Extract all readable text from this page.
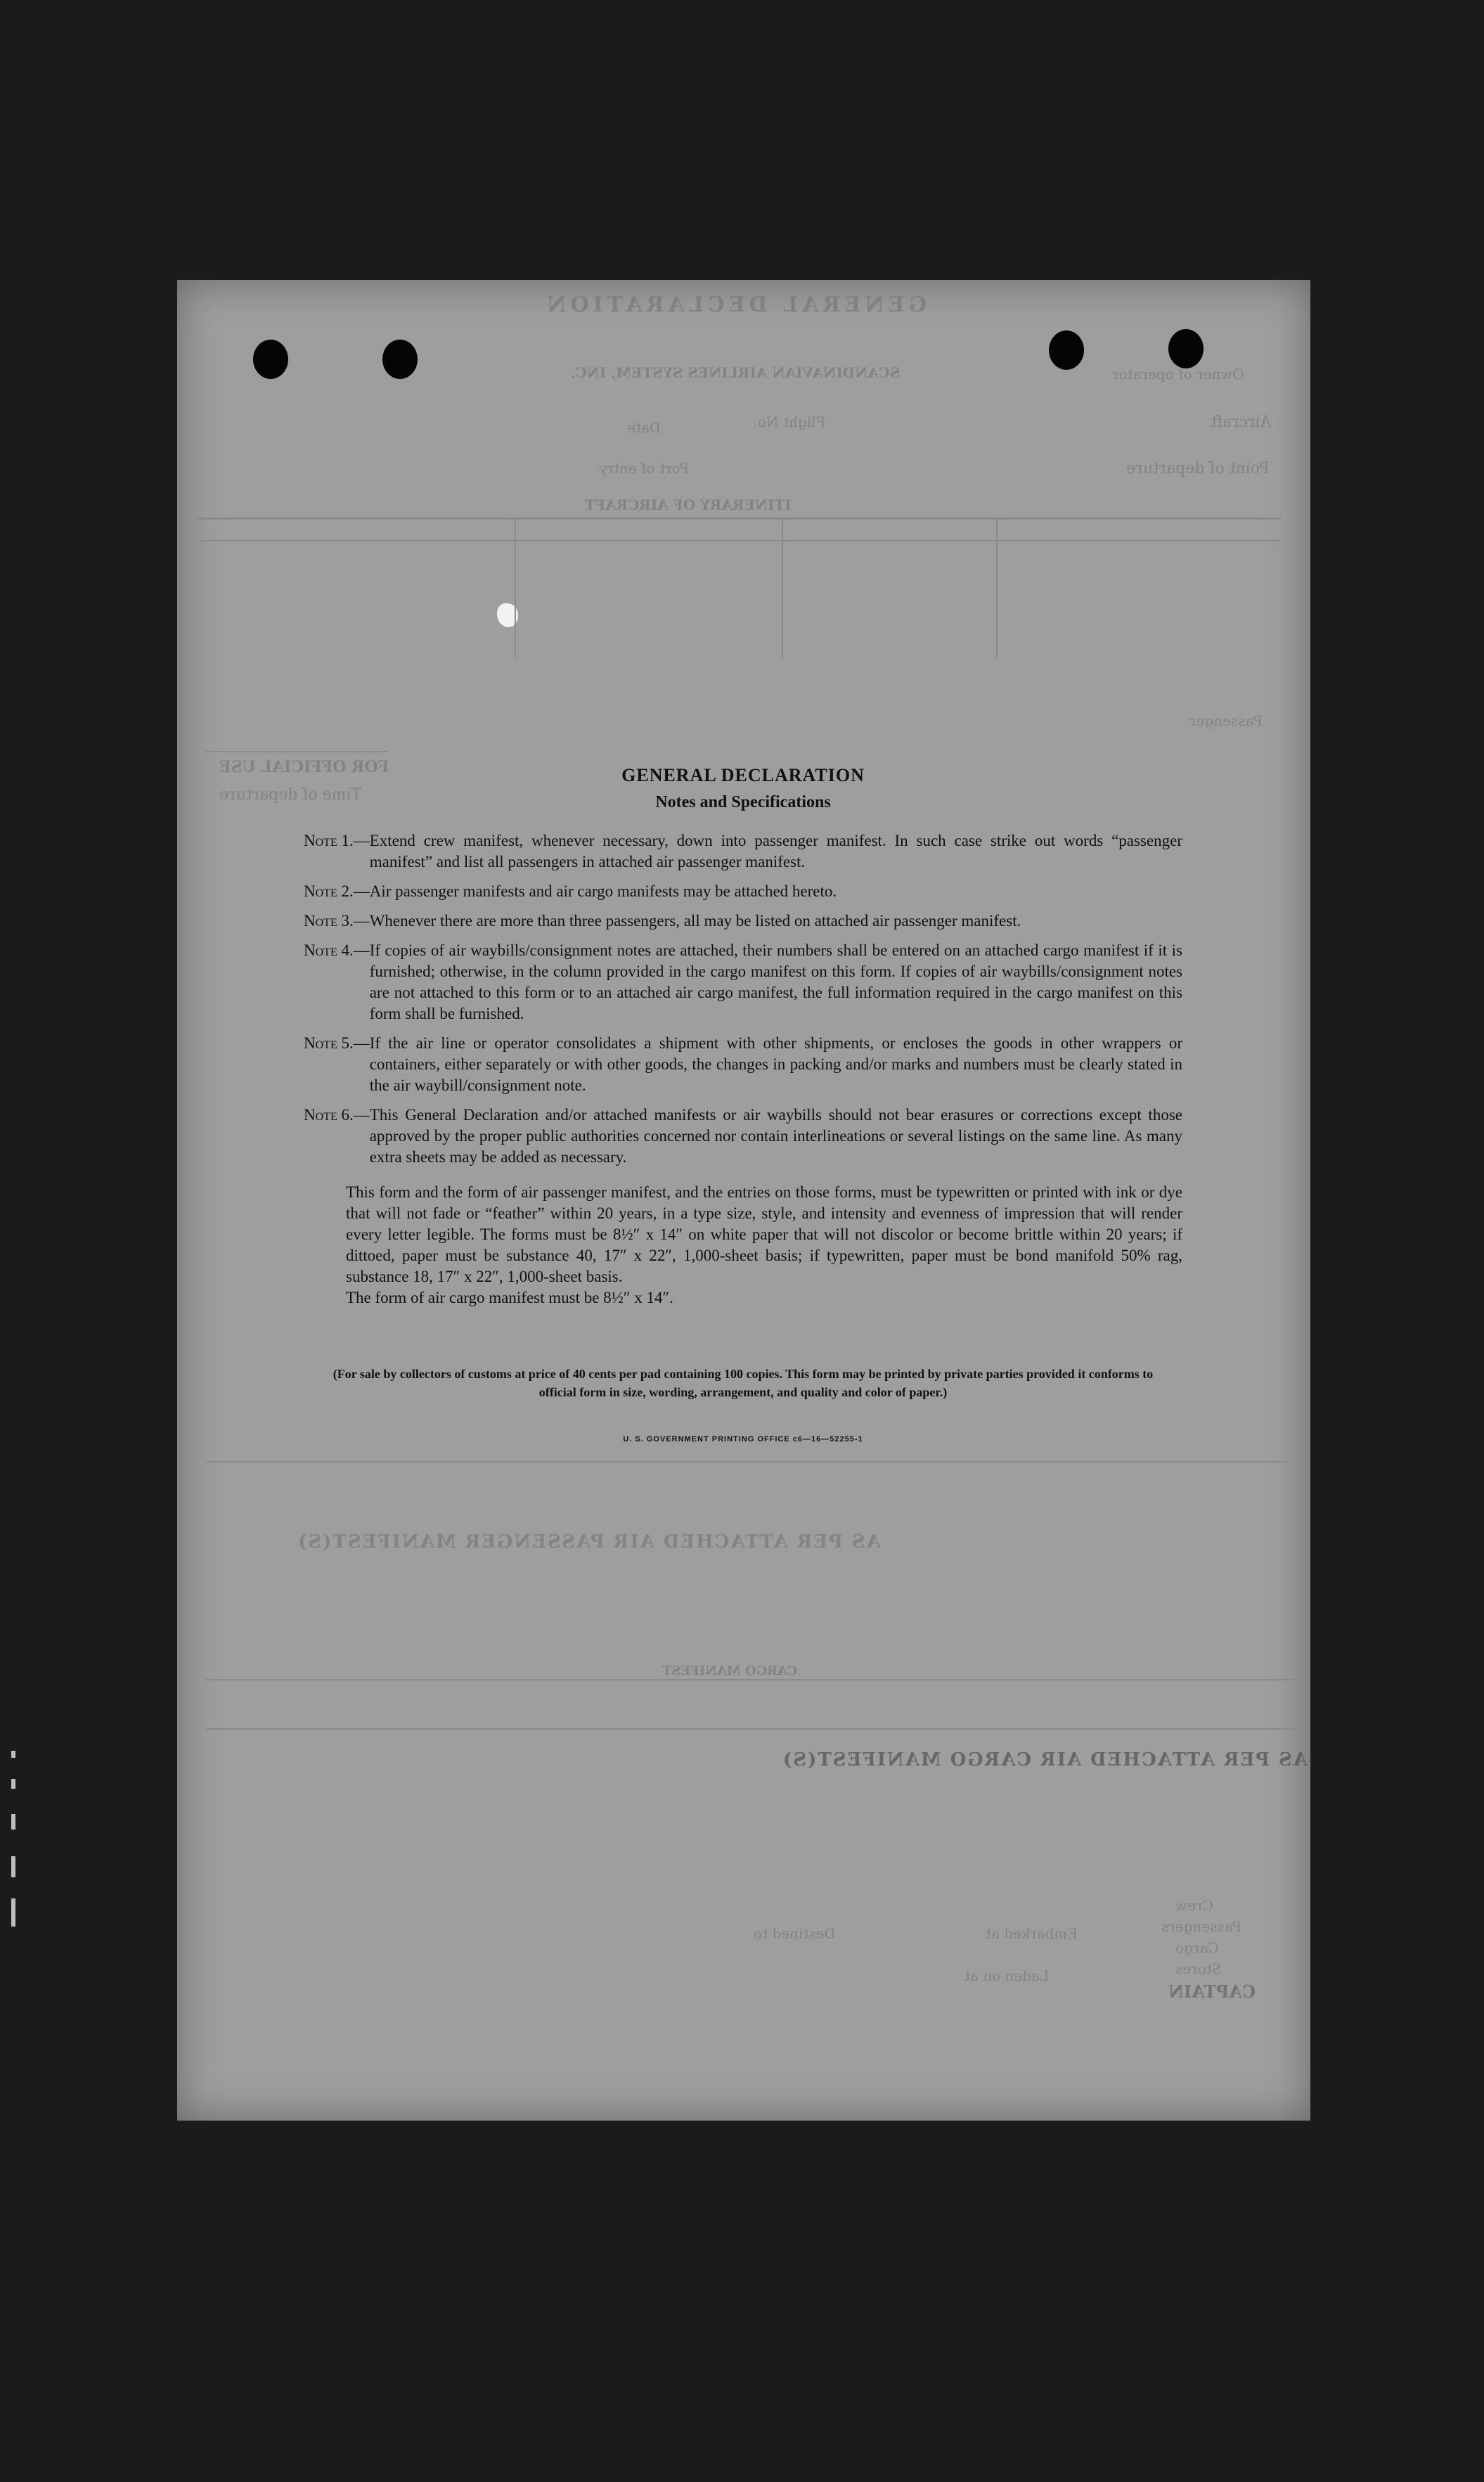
GENERAL DECLARATION
SCANDINAVIAN AIRLINES SYSTEM, INC.	Owner of operator
Aircraft
Flight No.
Date
Point of departure
Port of entry
ITINERARY OF AIRCRAFT
Passenger
FOR OFFICIAL USE
Time of departure
AS PER ATTACHED AIR PASSENGER MANIFEST(S)
CARGO MANIFEST
AS PER ATTACHED AIR CARGO MANIFEST(S)
Crew
Passengers
Cargo
Stores
CAPTAIN
Embarked at
Laden on at
Destined to

GENERAL DECLARATION

Notes and Specifications

Note 1.— Extend crew manifest, whenever necessary, down into passenger manifest. In such case strike out words “passenger manifest” and list all passengers in attached air passenger manifest.
Note 2.— Air passenger manifests and air cargo manifests may be attached hereto.
Note 3.— Whenever there are more than three passengers, all may be listed on attached air passenger manifest.
Note 4.— If copies of air waybills/consignment notes are attached, their numbers shall be entered on an attached cargo manifest if it is furnished; otherwise, in the column provided in the cargo manifest on this form. If copies of air waybills/consignment notes are not attached to this form or to an attached air cargo manifest, the full information required in the cargo manifest on this form shall be furnished.
Note 5.— If the air line or operator consolidates a shipment with other shipments, or encloses the goods in other wrappers or containers, either separately or with other goods, the changes in packing and/or marks and numbers must be clearly stated in the air waybill/consignment note.
Note 6.— This General Declaration and/or attached manifests or air waybills should not bear erasures or corrections except those approved by the proper public authorities concerned nor contain interlineations or several listings on the same line. As many extra sheets may be added as necessary.

This form and the form of air passenger manifest, and the entries on those forms, must be typewritten or printed with ink or dye that will not fade or “feather” within 20 years, in a type size, style, and intensity and evenness of impression that will render every letter legible. The forms must be 8½″ x 14″ on white paper that will not discolor or become brittle within 20 years; if dittoed, paper must be substance 40, 17″ x 22″, 1,000-sheet basis; if typewritten, paper must be bond manifold 50% rag, substance 18, 17″ x 22″, 1,000-sheet basis.

The form of air cargo manifest must be 8½″ x 14″.

(For sale by collectors of customs at price of 40 cents per pad containing 100 copies. This form may be printed by private parties provided it conforms to official form in size, wording, arrangement, and quality and color of paper.)
U. S. GOVERNMENT PRINTING OFFICE c6—16—52255-1
